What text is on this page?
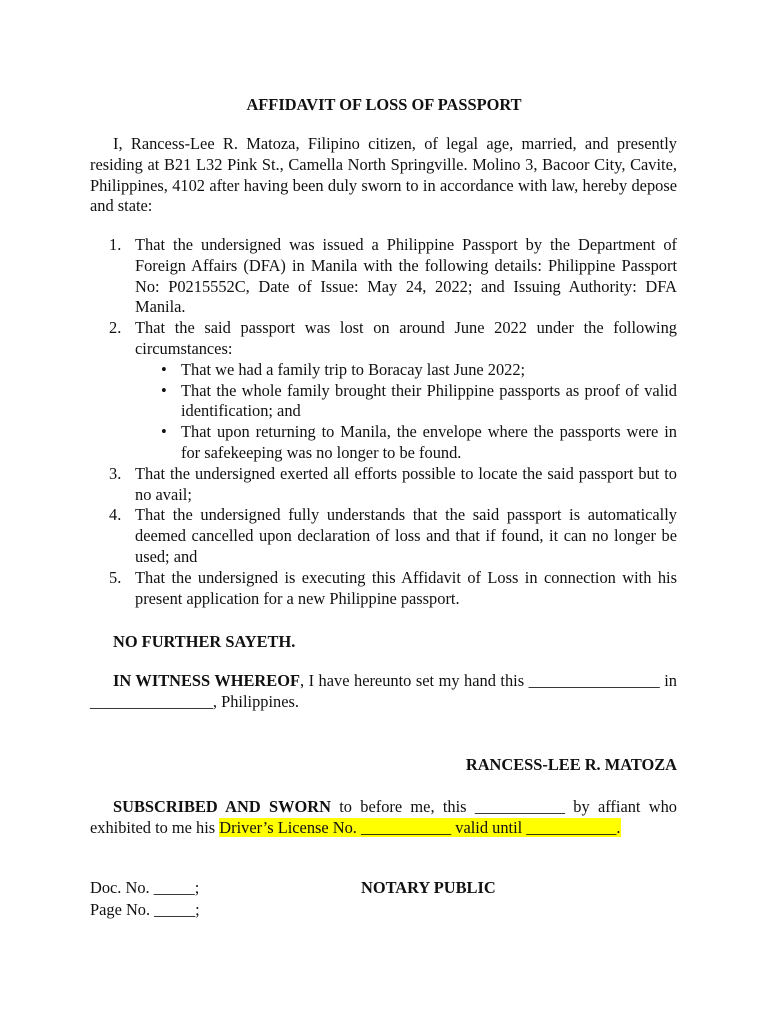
AFFIDAVIT OF LOSS OF PASSPORT
I, Rancess-Lee R. Matoza, Filipino citizen, of legal age, married, and presently residing at B21 L32 Pink St., Camella North Springville. Molino 3, Bacoor City, Cavite, Philippines, 4102 after having been duly sworn to in accordance with law, hereby depose and state:
1. That the undersigned was issued a Philippine Passport by the Department of Foreign Affairs (DFA) in Manila with the following details: Philippine Passport No: P0215552C, Date of Issue: May 24, 2022; and Issuing Authority: DFA Manila.
2. That the said passport was lost on around June 2022 under the following circumstances:
• That we had a family trip to Boracay last June 2022;
• That the whole family brought their Philippine passports as proof of valid identification; and
• That upon returning to Manila, the envelope where the passports were in for safekeeping was no longer to be found.
3. That the undersigned exerted all efforts possible to locate the said passport but to no avail;
4. That the undersigned fully understands that the said passport is automatically deemed cancelled upon declaration of loss and that if found, it can no longer be used; and
5. That the undersigned is executing this Affidavit of Loss in connection with his present application for a new Philippine passport.
NO FURTHER SAYETH.
IN WITNESS WHEREOF, I have hereunto set my hand this ________________ in _______________, Philippines.
RANCESS-LEE R. MATOZA
SUBSCRIBED AND SWORN to before me, this ___________ by affiant who exhibited to me his Driver’s License No. ___________ valid until ___________.
Doc. No. _____;
Page No. _____;
NOTARY PUBLIC
